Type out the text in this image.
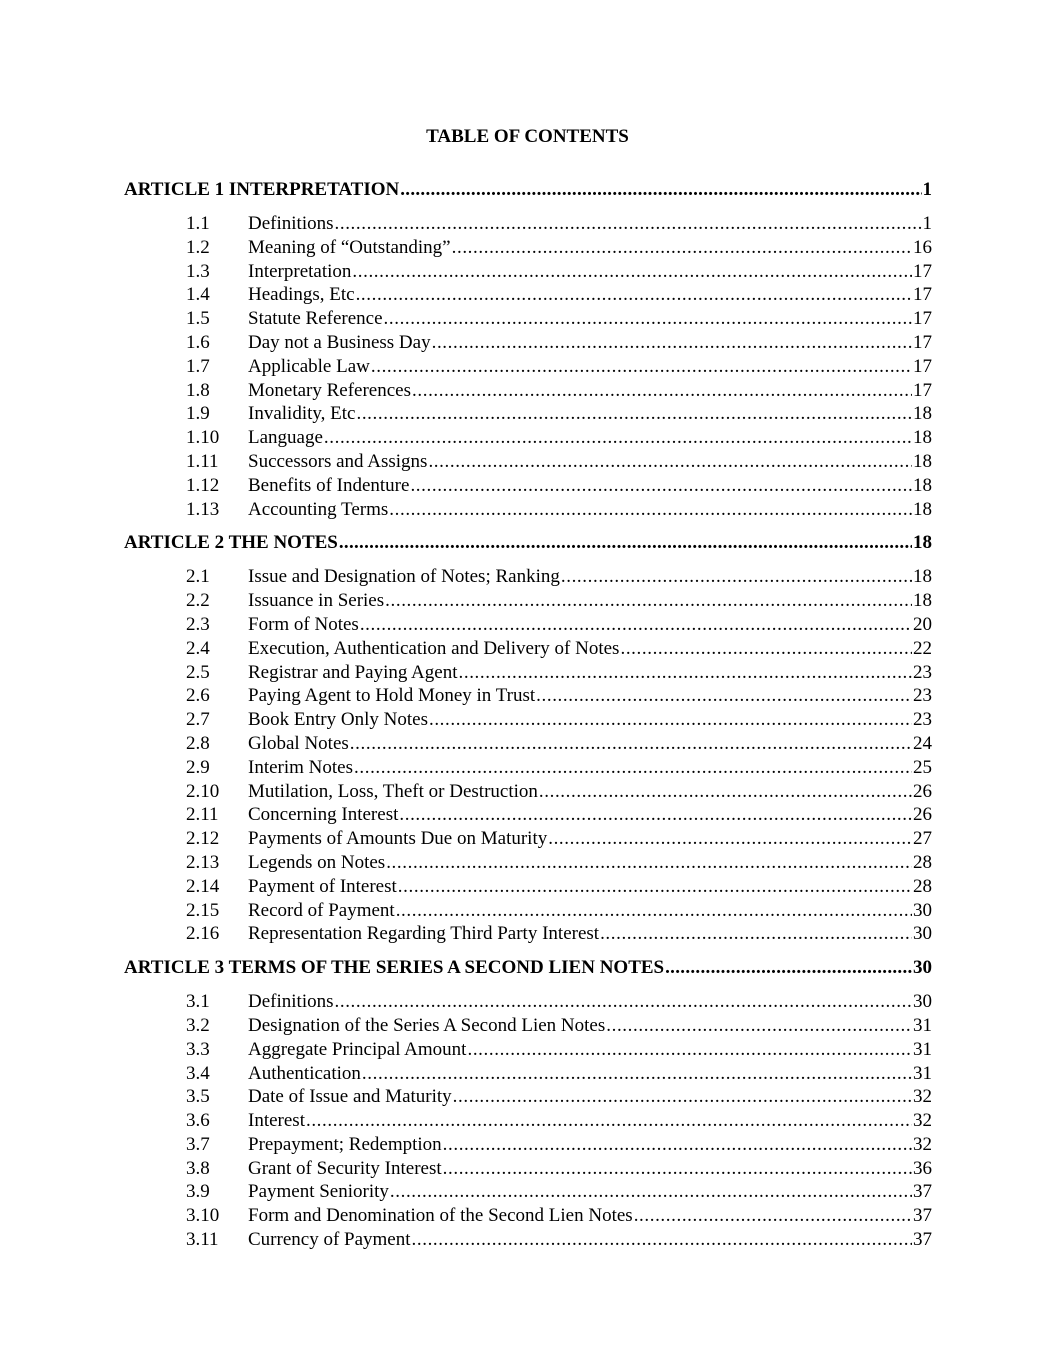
TABLE OF CONTENTS
ARTICLE 1 INTERPRETATION .....	1
1.1	Definitions .....	1
1.2	Meaning of “Outstanding” .....	16
1.3	Interpretation .....	17
1.4	Headings, Etc .....	17
1.5	Statute Reference .....	17
1.6	Day not a Business Day .....	17
1.7	Applicable Law .....	17
1.8	Monetary References .....	17
1.9	Invalidity, Etc .....	18
1.10	Language .....	18
1.11	Successors and Assigns .....	18
1.12	Benefits of Indenture .....	18
1.13	Accounting Terms .....	18
ARTICLE 2 THE NOTES .....	18
2.1	Issue and Designation of Notes; Ranking .....	18
2.2	Issuance in Series .....	18
2.3	Form of Notes .....	20
2.4	Execution, Authentication and Delivery of Notes .....	22
2.5	Registrar and Paying Agent .....	23
2.6	Paying Agent to Hold Money in Trust .....	23
2.7	Book Entry Only Notes .....	23
2.8	Global Notes .....	24
2.9	Interim Notes .....	25
2.10	Mutilation, Loss, Theft or Destruction .....	26
2.11	Concerning Interest .....	26
2.12	Payments of Amounts Due on Maturity .....	27
2.13	Legends on Notes .....	28
2.14	Payment of Interest .....	28
2.15	Record of Payment .....	30
2.16	Representation Regarding Third Party Interest .....	30
ARTICLE 3 TERMS OF THE SERIES A SECOND LIEN NOTES .....	30
3.1	Definitions .....	30
3.2	Designation of the Series A Second Lien Notes .....	31
3.3	Aggregate Principal Amount .....	31
3.4	Authentication .....	31
3.5	Date of Issue and Maturity .....	32
3.6	Interest .....	32
3.7	Prepayment; Redemption .....	32
3.8	Grant of Security Interest .....	36
3.9	Payment Seniority .....	37
3.10	Form and Denomination of the Second Lien Notes .....	37
3.11	Currency of Payment .....	37
